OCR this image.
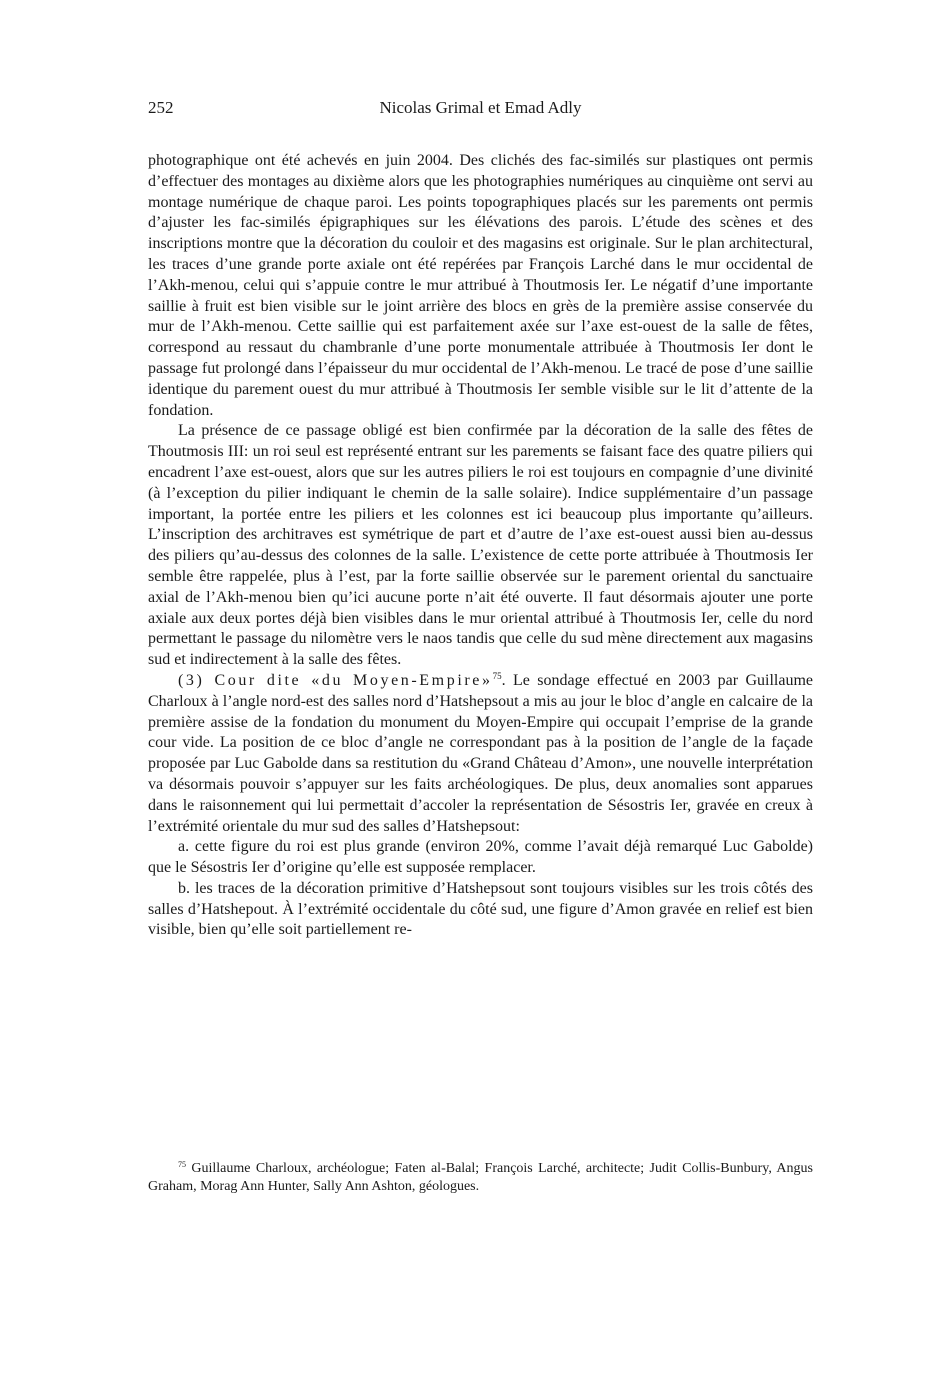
252	Nicolas Grimal et Emad Adly

photographique ont été achevés en juin 2004. Des clichés des fac-similés sur plastiques ont permis d’effectuer des montages au dixième alors que les photographies numériques au cinquième ont servi au montage numérique de chaque paroi. Les points topographiques placés sur les parements ont permis d’ajuster les fac-similés épigraphiques sur les élévations des parois. L’étude des scènes et des inscriptions montre que la décoration du couloir et des magasins est originale. Sur le plan architectural, les traces d’une grande porte axiale ont été repérées par François Larché dans le mur occidental de l’Akh-menou, celui qui s’appuie contre le mur attribué à Thoutmosis Ier. Le négatif d’une importante saillie à fruit est bien visible sur le joint arrière des blocs en grès de la première assise conservée du mur de l’Akh-menou. Cette saillie qui est parfaitement axée sur l’axe est-ouest de la salle de fêtes, correspond au ressaut du chambranle d’une porte monumentale attribuée à Thoutmosis Ier dont le passage fut prolongé dans l’épaisseur du mur occidental de l’Akh-menou. Le tracé de pose d’une saillie identique du parement ouest du mur attribué à Thoutmosis Ier semble visible sur le lit d’attente de la fondation.

La présence de ce passage obligé est bien confirmée par la décoration de la salle des fêtes de Thoutmosis III: un roi seul est représenté entrant sur les parements se faisant face des quatre piliers qui encadrent l’axe est-ouest, alors que sur les autres piliers le roi est toujours en compagnie d’une divinité (à l’exception du pilier indiquant le chemin de la salle solaire). Indice supplémentaire d’un passage important, la portée entre les piliers et les colonnes est ici beaucoup plus importante qu’ailleurs. L’inscription des architraves est symétrique de part et d’autre de l’axe est-ouest aussi bien au-dessus des piliers qu’au-dessus des colonnes de la salle. L’existence de cette porte attribuée à Thoutmosis Ier semble être rappelée, plus à l’est, par la forte saillie observée sur le parement oriental du sanctuaire axial de l’Akh-menou bien qu’ici aucune porte n’ait été ouverte. Il faut désormais ajouter une porte axiale aux deux portes déjà bien visibles dans le mur oriental attribué à Thoutmosis Ier, celle du nord permettant le passage du nilomètre vers le naos tandis que celle du sud mène directement aux magasins sud et indirectement à la salle des fêtes.

(3) Cour dite «du Moyen-Empire»$^{75}$. Le sondage effectué en 2003 par Guillaume Charloux à l’angle nord-est des salles nord d’Hatshepsout a mis au jour le bloc d’angle en calcaire de la première assise de la fondation du monument du Moyen-Empire qui occupait l’emprise de la grande cour vide. La position de ce bloc d’angle ne correspondant pas à la position de l’angle de la façade proposée par Luc Gabolde dans sa restitution du «Grand Château d’Amon», une nouvelle interprétation va désormais pouvoir s’appuyer sur les faits archéologiques. De plus, deux anomalies sont apparues dans le raisonnement qui lui permettait d’accoler la représentation de Sésostris Ier, gravée en creux à l’extrémité orientale du mur sud des salles d’Hatshepsout:

a. cette figure du roi est plus grande (environ 20%, comme l’avait déjà remarqué Luc Gabolde) que le Sésostris Ier d’origine qu’elle est supposée remplacer.

b. les traces de la décoration primitive d’Hatshepsout sont toujours visibles sur les trois côtés des salles d’Hatshepout. À l’extrémité occidentale du côté sud, une figure d’Amon gravée en relief est bien visible, bien qu’elle soit partiellement re-

$^{75}$ Guillaume Charloux, archéologue; Faten al-Balal; François Larché, architecte; Judit Collis-Bunbury, Angus Graham, Morag Ann Hunter, Sally Ann Ashton, géologues.
